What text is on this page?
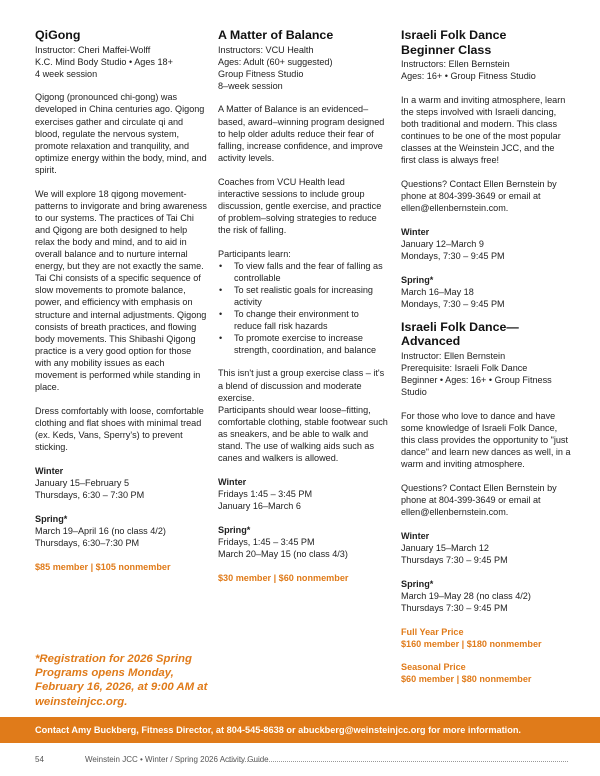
QiGong
Instructor: Cheri Maffei-Wolff
K.C. Mind Body Studio • Ages 18+
4 week session

Qigong (pronounced chi-gong) was developed in China centuries ago. Qigong exercises gather and circulate qi and blood, regulate the nervous system, promote relaxation and tranquility, and optimize energy within the body, mind, and spirit.

We will explore 18 qigong movement-patterns to invigorate and bring awareness to our systems. The practices of Tai Chi and Qigong are both designed to help relax the body and mind, and to aid in overall balance and to nurture internal energy, but they are not exactly the same. Tai Chi consists of a specific sequence of slow movements to promote balance, power, and efficiency with emphasis on structure and internal adjustments. Qigong consists of breath practices, and flowing body movements. This Shibashi Qigong practice is a very good option for those with any mobility issues as each movement is performed while standing in place.

Dress comfortably with loose, comfortable clothing and flat shoes with minimal tread (ex. Keds, Vans, Sperry's) to prevent sticking.

Winter
January 15–February 5
Thursdays, 6:30 – 7:30 PM
Spring*
March 19–April 16 (no class 4/2)
Thursdays, 6:30–7:30 PM
$85 member | $105 nonmember
A Matter of Balance
Instructors: VCU Health
Ages: Adult (60+ suggested)
Group Fitness Studio
8–week session

A Matter of Balance is an evidenced–based, award–winning program designed to help older adults reduce their fear of falling, increase confidence, and improve activity levels.

Coaches from VCU Health lead interactive sessions to include group discussion, gentle exercise, and practice of problem–solving strategies to reduce the risk of falling.

Participants learn:
• To view falls and the fear of falling as controllable
• To set realistic goals for increasing activity
• To change their environment to reduce fall risk hazards
• To promote exercise to increase strength, coordination, and balance
This isn't just a group exercise class – it's a blend of discussion and moderate exercise.

Participants should wear loose–fitting, comfortable clothing, stable footwear such as sneakers, and be able to walk and stand. The use of walking aids such as canes and walkers is allowed.

Winter
Fridays 1:45 – 3:45 PM
January 16–March 6
Spring*
Fridays, 1:45 – 3:45 PM
March 20–May 15 (no class 4/3)
$30 member | $60 nonmember
Israeli Folk Dance
Beginner Class
Instructors: Ellen Bernstein
Ages: 16+ • Group Fitness Studio

In a warm and inviting atmosphere, learn the steps involved with Israeli dancing, both traditional and modern. This class continues to be one of the most popular classes at the Weinstein JCC, and the first class is always free!

Questions? Contact Ellen Bernstein by phone at 804-399-3649 or email at ellen@ellenbernstein.com.

Winter
January 12–March 9
Mondays, 7:30 – 9:45 PM
Spring*
March 16–May 18
Mondays, 7:30 – 9:45 PM
Israeli Folk Dance—
Advanced
Instructor: Ellen Bernstein
Prerequisite: Israeli Folk Dance
Beginner • Ages: 16+ • Group Fitness Studio

For those who love to dance and have some knowledge of Israeli Folk Dance, this class provides the opportunity to "just dance" and learn new dances as well, in a warm and inviting atmosphere.

Questions? Contact Ellen Bernstein by phone at 804-399-3649 or email at ellen@ellenbernstein.com.

Winter
January 15–March 12
Thursdays 7:30 – 9:45 PM
Spring*
March 19–May 28 (no class 4/2)
Thursdays 7:30 – 9:45 PM
Full Year Price
$160 member | $180 nonmember
Seasonal Price
$60 member | $80 nonmember
*Registration for 2026 Spring Programs opens Monday, February 16, 2026, at 9:00 AM at weinsteinjcc.org.
Contact Amy Buckberg, Fitness Director, at 804-545-8638 or abuckberg@weinsteinjcc.org for more information.
54	Weinstein JCC • Winter / Spring 2026 Activity Guide
